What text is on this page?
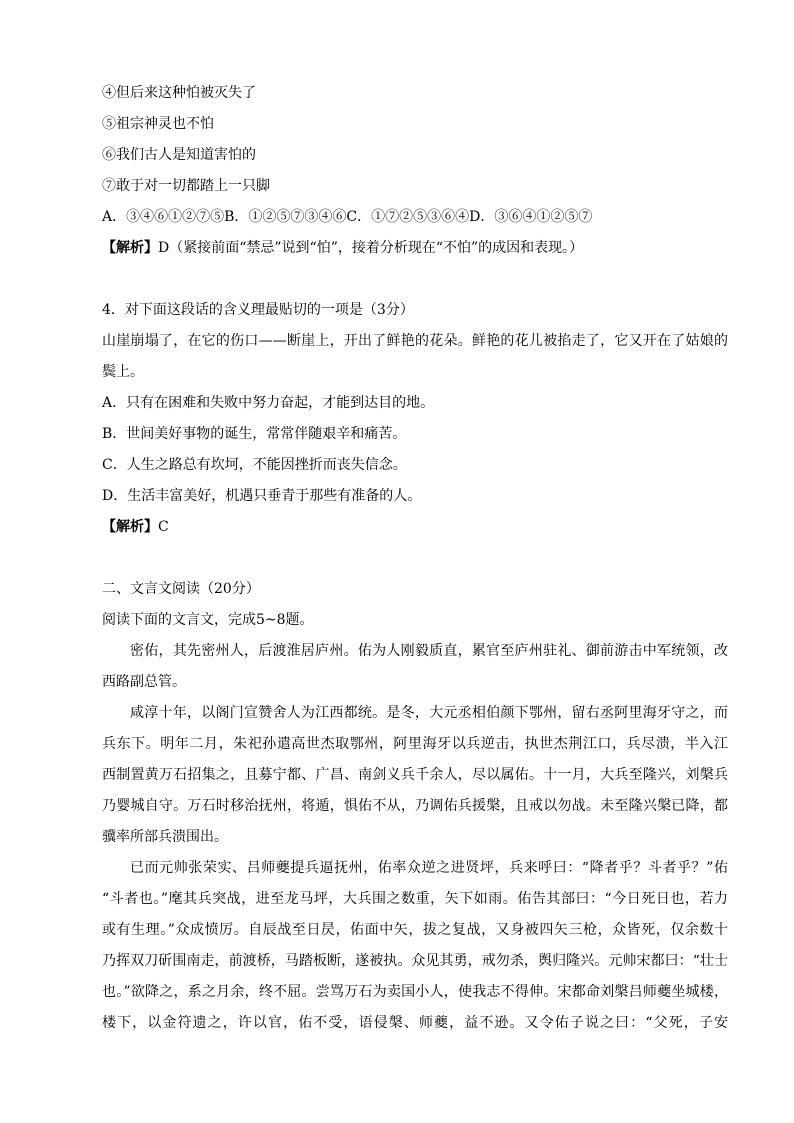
④但后来这种怕被灭失了
⑤祖宗神灵也不怕
⑥我们古人是知道害怕的
⑦敢于对一切都踏上一只脚
A．③④⑥①②⑦⑤B．①②⑤⑦③④⑥C．①⑦②⑤③⑥④D．③⑥④①②⑤⑦
【解析】D（紧接前面“禁忌”说到“怕”，接着分析现在“不怕”的成因和表现。）
4．对下面这段话的含义理最贴切的一项是（3分）
山崖崩塌了，在它的伤口——断崖上，开出了鲜艳的花朵。鲜艳的花儿被掐走了，它又开在了姑娘的
鬓上。
A．只有在困难和失败中努力奋起，才能到达目的地。
B．世间美好事物的诞生，常常伴随艰辛和痛苦。
C．人生之路总有坎坷，不能因挫折而丧失信念。
D．生活丰富美好，机遇只垂青于那些有准备的人。
【解析】C
二、文言文阅读（20分）
阅读下面的文言文，完成5~8题。
密佑，其先密州人，后渡淮居庐州。佑为人刚毅质直，累官至庐州驻礼、御前游击中军统领，改
西路副总管。
咸淳十年，以阁门宣赞舍人为江西都统。是冬，大元丞相伯颜下鄂州，留右丞阿里海牙守之，而
兵东下。明年二月，朱祀孙遣高世杰取鄂州，阿里海牙以兵逆击，执世杰荆江口，兵尽溃，半入江
西制置黄万石招集之，且募宁都、广昌、南剑义兵千余人，尽以属佑。十一月，大兵至隆兴，刘槃兵
乃婴城自守。万石时移治抚州，将遁，惧佑不从，乃调佑兵援槃，且戒以勿战。未至隆兴槃已降，都
骥率所部兵溃围出。
已而元帅张荣实、吕师夔提兵逼抚州，佑率众逆之进贤坪，兵来呼曰：“降者乎？斗者乎？”佑
“斗者也。”麾其兵突战，进至龙马坪，大兵围之数重，矢下如雨。佑告其部曰：“今日死日也，若力
或有生理。”众成愤厉。自辰战至日昃，佑面中矢，拔之复战，又身被四矢三枪，众皆死，仅余数十
乃挥双刀斫围南走，前渡桥，马踏板断，遂被执。众见其勇，戒勿杀，舆归隆兴。元帅宋都曰：“壮士
也。”欲降之，系之月余，终不屈。尝骂万石为卖国小人，使我志不得伸。宋都命刘槃吕师夔坐城楼，
楼下，以金符遗之，许以官，佑不受，语侵槃、师夔，益不逊。又令佑子说之曰：“父死，子安
